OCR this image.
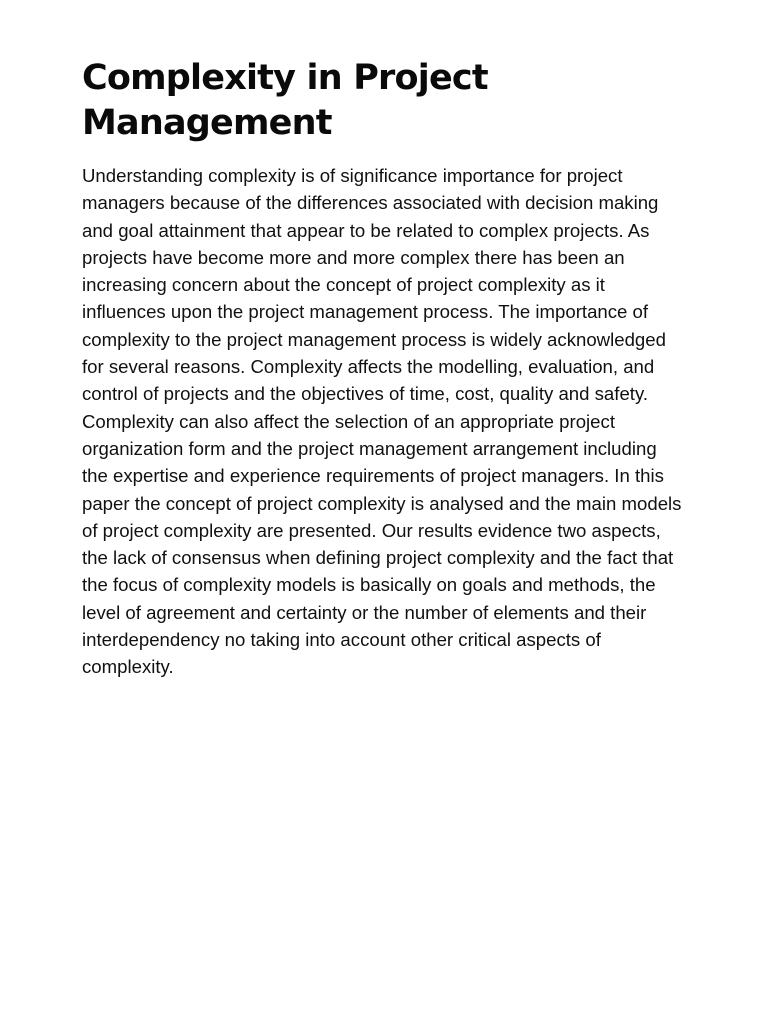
Complexity in Project Management

Understanding complexity is of significance importance for project managers because of the differences associated with decision making and goal attainment that appear to be related to complex projects. As projects have become more and more complex there has been an increasing concern about the concept of project complexity as it influences upon the project management process. The importance of complexity to the project management process is widely acknowledged for several reasons. Complexity affects the modelling, evaluation, and control of projects and the objectives of time, cost, quality and safety. Complexity can also affect the selection of an appropriate project organization form and the project management arrangement including the expertise and experience requirements of project managers. In this paper the concept of project complexity is analysed and the main models of project complexity are presented. Our results evidence two aspects, the lack of consensus when defining project complexity and the fact that the focus of complexity models is basically on goals and methods, the level of agreement and certainty or the number of elements and their interdependency no taking into account other critical aspects of complexity.
